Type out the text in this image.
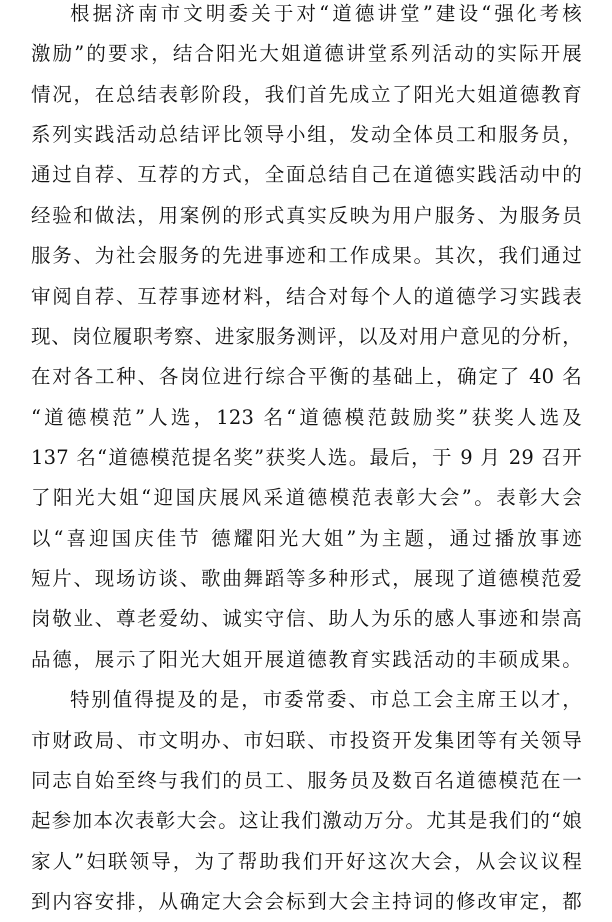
根据济南市文明委关于对“道德讲堂”建设“强化考核
激励”的要求，结合阳光大姐道德讲堂系列活动的实际开展
情况，在总结表彰阶段，我们首先成立了阳光大姐道德教育
系列实践活动总结评比领导小组，发动全体员工和服务员，
通过自荐、互荐的方式，全面总结自己在道德实践活动中的
经验和做法，用案例的形式真实反映为用户服务、为服务员
服务、为社会服务的先进事迹和工作成果。其次，我们通过
审阅自荐、互荐事迹材料，结合对每个人的道德学习实践表
现、岗位履职考察、进家服务测评，以及对用户意见的分析，
在对各工种、各岗位进行综合平衡的基础上，确定了 40 名
“道德模范”人选，123 名“道德模范鼓励奖”获奖人选及
137 名“道德模范提名奖”获奖人选。最后，于 9 月 29 召开
了阳光大姐“迎国庆展风采道德模范表彰大会”。表彰大会
以“喜迎国庆佳节 德耀阳光大姐”为主题，通过播放事迹
短片、现场访谈、歌曲舞蹈等多种形式，展现了道德模范爱
岗敬业、尊老爱幼、诚实守信、助人为乐的感人事迹和崇高
品德，展示了阳光大姐开展道德教育实践活动的丰硕成果。
特别值得提及的是，市委常委、市总工会主席王以才，
市财政局、市文明办、市妇联、市投资开发集团等有关领导
同志自始至终与我们的员工、服务员及数百名道德模范在一
起参加本次表彰大会。这让我们激动万分。尤其是我们的“娘
家人”妇联领导，为了帮助我们开好这次大会，从会议议程
到内容安排，从确定大会会标到大会主持词的修改审定，都
